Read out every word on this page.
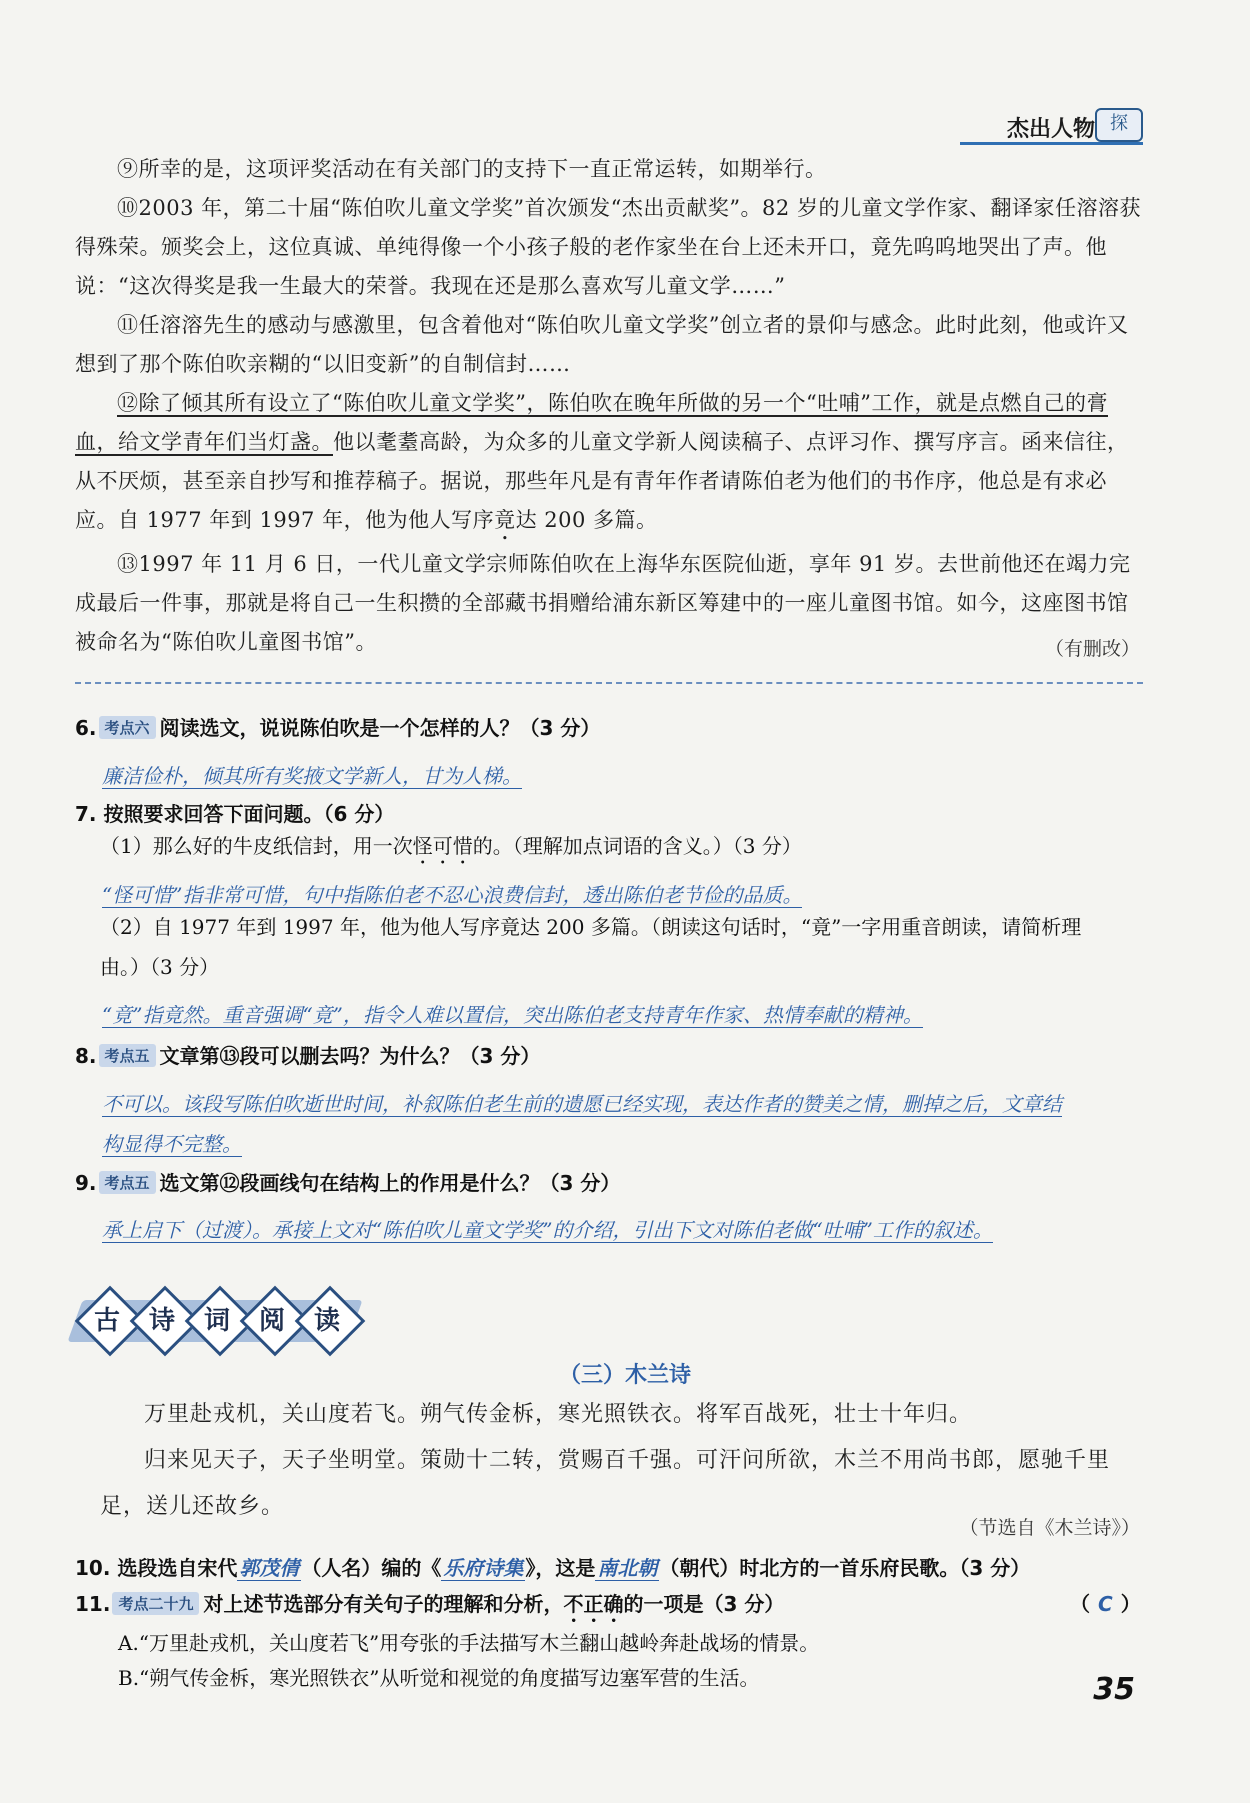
杰出人物 探

⑨所幸的是，这项评奖活动在有关部门的支持下一直正常运转，如期举行。

⑩2003 年，第二十届“陈伯吹儿童文学奖”首次颁发“杰出贡献奖”。82 岁的儿童文学作家、翻译家任溶溶获得殊荣。颁奖会上，这位真诚、单纯得像一个小孩子般的老作家坐在台上还未开口，竟先呜呜地哭出了声。他说：“这次得奖是我一生最大的荣誉。我现在还是那么喜欢写儿童文学……”

⑪任溶溶先生的感动与感激里，包含着他对“陈伯吹儿童文学奖”创立者的景仰与感念。此时此刻，他或许又想到了那个陈伯吹亲糊的“以旧变新”的自制信封……

⑫除了倾其所有设立了“陈伯吹儿童文学奖”，陈伯吹在晚年所做的另一个“吐哺”工作，就是点燃自己的膏血，给文学青年们当灯盏。他以耄耋高龄，为众多的儿童文学新人阅读稿子、点评习作、撰写序言。函来信往，从不厌烦，甚至亲自抄写和推荐稿子。据说，那些年凡是有青年作者请陈伯老为他们的书作序，他总是有求必应。自 1977 年到 1997 年，他为他人写序竟达 200 多篇。

⑬1997 年 11 月 6 日，一代儿童文学宗师陈伯吹在上海华东医院仙逝，享年 91 岁。去世前他还在竭力完成最后一件事，那就是将自己一生积攒的全部藏书捐赠给浦东新区筹建中的一座儿童图书馆。如今，这座图书馆被命名为“陈伯吹儿童图书馆”。	（有删改）
6. 考点六 阅读选文，说说陈伯吹是一个怎样的人？（3 分）
廉洁俭朴，倾其所有奖掖文学新人，甘为人梯。
7. 按照要求回答下面问题。（6 分）
（1）那么好的牛皮纸信封，用一次怪可惜的。（理解加点词语的含义。）（3 分）
“怪可惜”指非常可惜，句中指陈伯老不忍心浪费信封，透出陈伯老节俭的品质。
（2）自 1977 年到 1997 年，他为他人写序竟达 200 多篇。（朗读这句话时，“竟”一字用重音朗读，请简析理
由。）（3 分）
“竟”指竟然。重音强调“竟”，指令人难以置信，突出陈伯老支持青年作家、热情奉献的精神。
8. 考点五 文章第⑬段可以删去吗？为什么？（3 分）
不可以。该段写陈伯吹逝世时间，补叙陈伯老生前的遗愿已经实现，表达作者的赞美之情，删掉之后，文章结
构显得不完整。
9. 考点五 选文第⑫段画线句在结构上的作用是什么？（3 分）
承上启下（过渡）。承接上文对“陈伯吹儿童文学奖”的介绍，引出下文对陈伯老做“吐哺”工作的叙述。
古	诗	词	阅	读
（三）木兰诗

万里赴戎机，关山度若飞。朔气传金柝，寒光照铁衣。将军百战死，壮士十年归。

归来见天子，天子坐明堂。策勋十二转，赏赐百千强。可汗问所欲，木兰不用尚书郎，愿驰千里足，送儿还故乡。

（节选自《木兰诗》）
10. 选段选自宋代 郭茂倩 （人名）编的《 乐府诗集 》，这是 南北朝 （朝代）时北方的一首乐府民歌。（3 分）
11. 考点二十九 对上述节选部分有关句子的理解和分析，不正确的一项是（3 分）	（ C ）
A.“万里赴戎机，关山度若飞”用夸张的手法描写木兰翻山越岭奔赴战场的情景。
B.“朔气传金柝，寒光照铁衣”从听觉和视觉的角度描写边塞军营的生活。	35
